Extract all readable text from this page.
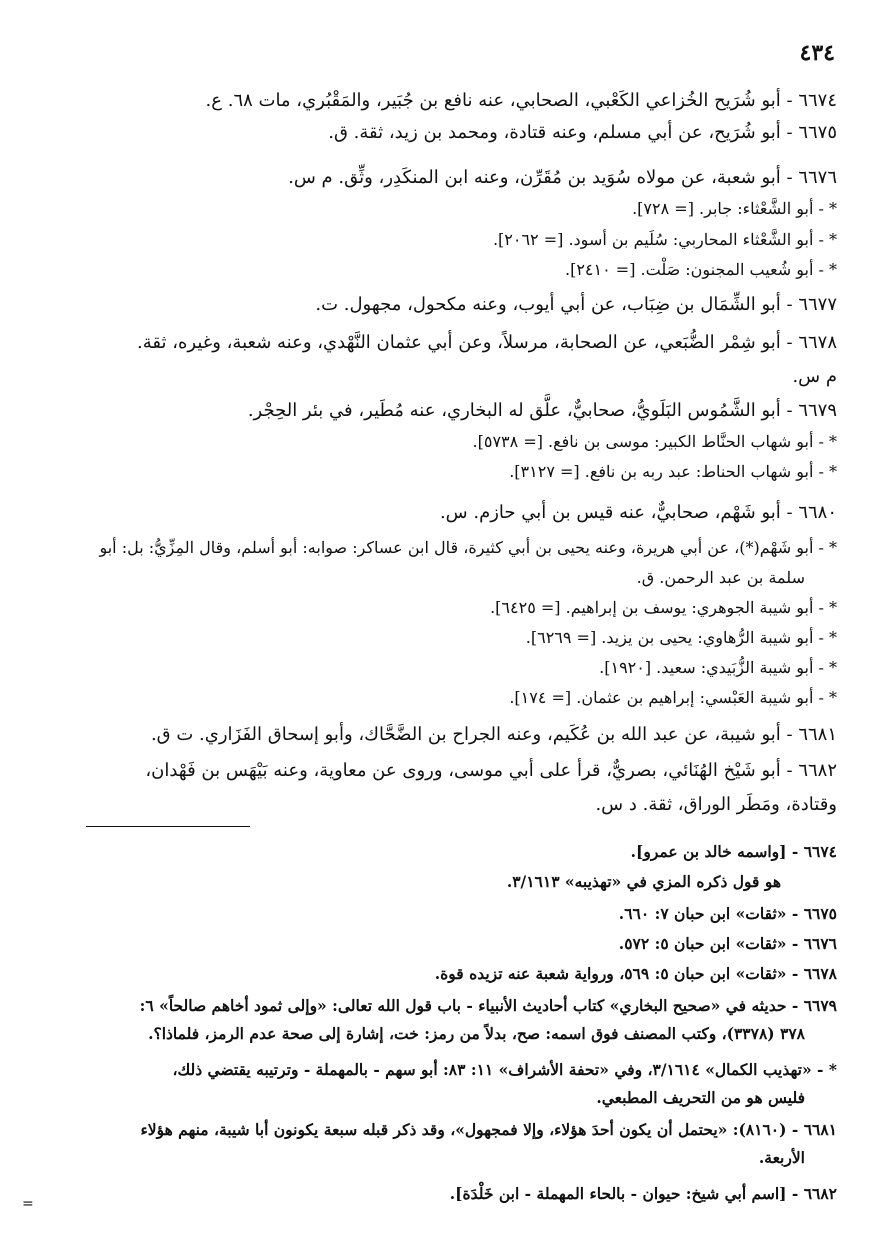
٤٣٤
٦٦٧٤ - أبو شُرَيح الخُزاعي الكَعْبي، الصحابي، عنه نافع بن جُبَير، والمَقْبُري، مات ٦٨. ع.
٦٦٧٥ - أبو شُرَيح، عن أبي مسلم، وعنه قتادة، ومحمد بن زيد، ثقة. ق.
٦٦٧٦ - أبو شعبة، عن مولاه سُوَيد بن مُقَرِّن، وعنه ابن المنكَدِر، وثِّق. م س.
* - أبو الشَّعْثاء: جابر. [= ٧٢٨].
* - أبو الشَّعْثاء المحاربي: سُلَيم بن أسود. [= ٢٠٦٢].
* - أبو شُعيب المجنون: صَلْت. [= ٢٤١٠].
٦٦٧٧ - أبو الشِّمَال بن ضِبَاب، عن أبي أيوب، وعنه مكحول، مجهول. ت.
٦٦٧٨ - أبو شِمْر الضُّبَعي، عن الصحابة، مرسلاً، وعن أبي عثمان النَّهْدي، وعنه شعبة، وغيره، ثقة.
م س.
٦٦٧٩ - أبو الشَّمُوس البَلَويُّ، صحابيٌّ، علَّق له البخاري، عنه مُطَير، في بئر الحِجْر.
* - أبو شهاب الحنَّاط الكبير: موسى بن نافع. [= ٥٧٣٨].
* - أبو شهاب الحناط: عبد ربه بن نافع. [= ٣١٢٧].
٦٦٨٠ - أبو شَهْم، صحابيٌّ، عنه قيس بن أبي حازم. س.
* - أبو شَهْم(*)، عن أبي هريرة، وعنه يحيى بن أبي كثيرة، قال ابن عساكر: صوابه: أبو أسلم، وقال المِزِّيُّ: بل: أبو
سلمة بن عبد الرحمن. ق.
* - أبو شيبة الجوهري: يوسف بن إبراهيم. [= ٦٤٢٥].
* - أبو شيبة الرُّهاوي: يحيى بن يزيد. [= ٦٢٦٩].
* - أبو شيبة الزُّبَيدي: سعيد. [١٩٢٠].
* - أبو شيبة العَبْسي: إبراهيم بن عثمان. [= ١٧٤].
٦٦٨١ - أبو شيبة، عن عبد الله بن عُكَيم، وعنه الجراح بن الضَّحَّاك، وأبو إسحاق الفَزَاري. ت ق.
٦٦٨٢ - أبو شَيْخ الهُنَائي، بصريٌّ، قرأ على أبي موسى، وروى عن معاوية، وعنه بَيْهَس بن فَهْدان،
وقتادة، ومَطَر الوراق، ثقة. د س.
٦٦٧٤ - [واسمه خالد بن عمرو].
هو قول ذكره المزي في «تهذيبه» ٣/١٦١٣.
٦٦٧٥ - «ثقات» ابن حبان ٧: ٦٦٠.
٦٦٧٦ - «ثقات» ابن حبان ٥: ٥٧٢.
٦٦٧٨ - «ثقات» ابن حبان ٥: ٥٦٩، ورواية شعبة عنه تزيده قوة.
٦٦٧٩ - حديثه في «صحيح البخاري» كتاب أحاديث الأنبياء - باب قول الله تعالى: «وإلى ثمود أخاهم صالحاً» ٦:
٣٧٨ (٣٣٧٨)، وكتب المصنف فوق اسمه: صح، بدلاً من رمز: خت، إشارة إلى صحة عدم الرمز، فلماذا؟.
* - «تهذيب الكمال» ٣/١٦١٤، وفي «تحفة الأشراف» ١١: ٨٣: أبو سهم - بالمهملة - وترتيبه يقتضي ذلك،
فليس هو من التحريف المطبعي.
٦٦٨١ - (٨١٦٠): «يحتمل أن يكون أحدَ هؤلاء، وإلا فمجهول»، وقد ذكر قبله سبعة يكونون أبا شيبة، منهم هؤلاء
الأربعة.
٦٦٨٢ - [اسم أبي شيخ: حيوان - بالحاء المهملة - ابن خَلْدَة].
=
